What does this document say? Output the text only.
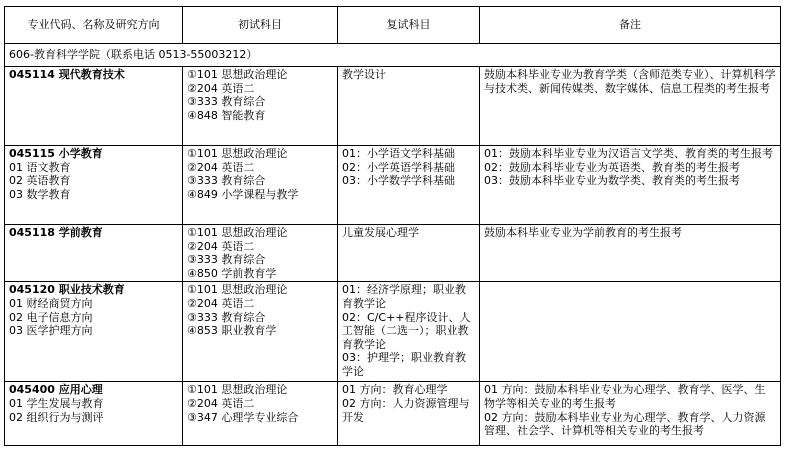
专业代码、名称及研究方向	初试科目	复试科目	备注
606-教育科学学院（联系电话 0513-55003212）			

045114 现代教育技术	①101 思想政治理论
②204 英语二
③333 教育综合
④848 智能教育	教学设计	鼓励本科毕业专业为教育学类（含师范类专业）、计算机科学与技术类、新闻传媒类、数字媒体、信息工程类的考生报考

045115 小学教育
01 语文教育
02 英语教育
03 数学教育	①101 思想政治理论
②204 英语二
③333 教育综合
④849 小学课程与教学	01：小学语文学科基础
02：小学英语学科基础
03：小学数学学科基础	01：鼓励本科毕业专业为汉语言文学类、教育类的考生报考
02：鼓励本科毕业专业为英语类、教育类的考生报考
03：鼓励本科毕业专业为数学类、教育类的考生报考

045118 学前教育	①101 思想政治理论
②204 英语二
③333 教育综合
④850 学前教育学	儿童发展心理学	鼓励本科毕业专业为学前教育的考生报考

045120 职业技术教育
01 财经商贸方向
02 电子信息方向
03 医学护理方向	①101 思想政治理论
②204 英语二
③333 教育综合
④853 职业教育学	01：经济学原理；职业教育教学论
02：C/C++程序设计、人工智能（二选一）；职业教育教学论
03：护理学；职业教育教学论	

045400 应用心理
01 学生发展与教育
02 组织行为与测评	①101 思想政治理论
②204 英语二
③347 心理学专业综合	01 方向：教育心理学
02 方向：人力资源管理与开发	01 方向：鼓励本科毕业专业为心理学、教育学、医学、生物学等相关专业的考生报考
02 方向：鼓励本科毕业专业为心理学、教育学、人力资源管理、社会学、计算机等相关专业的考生报考
